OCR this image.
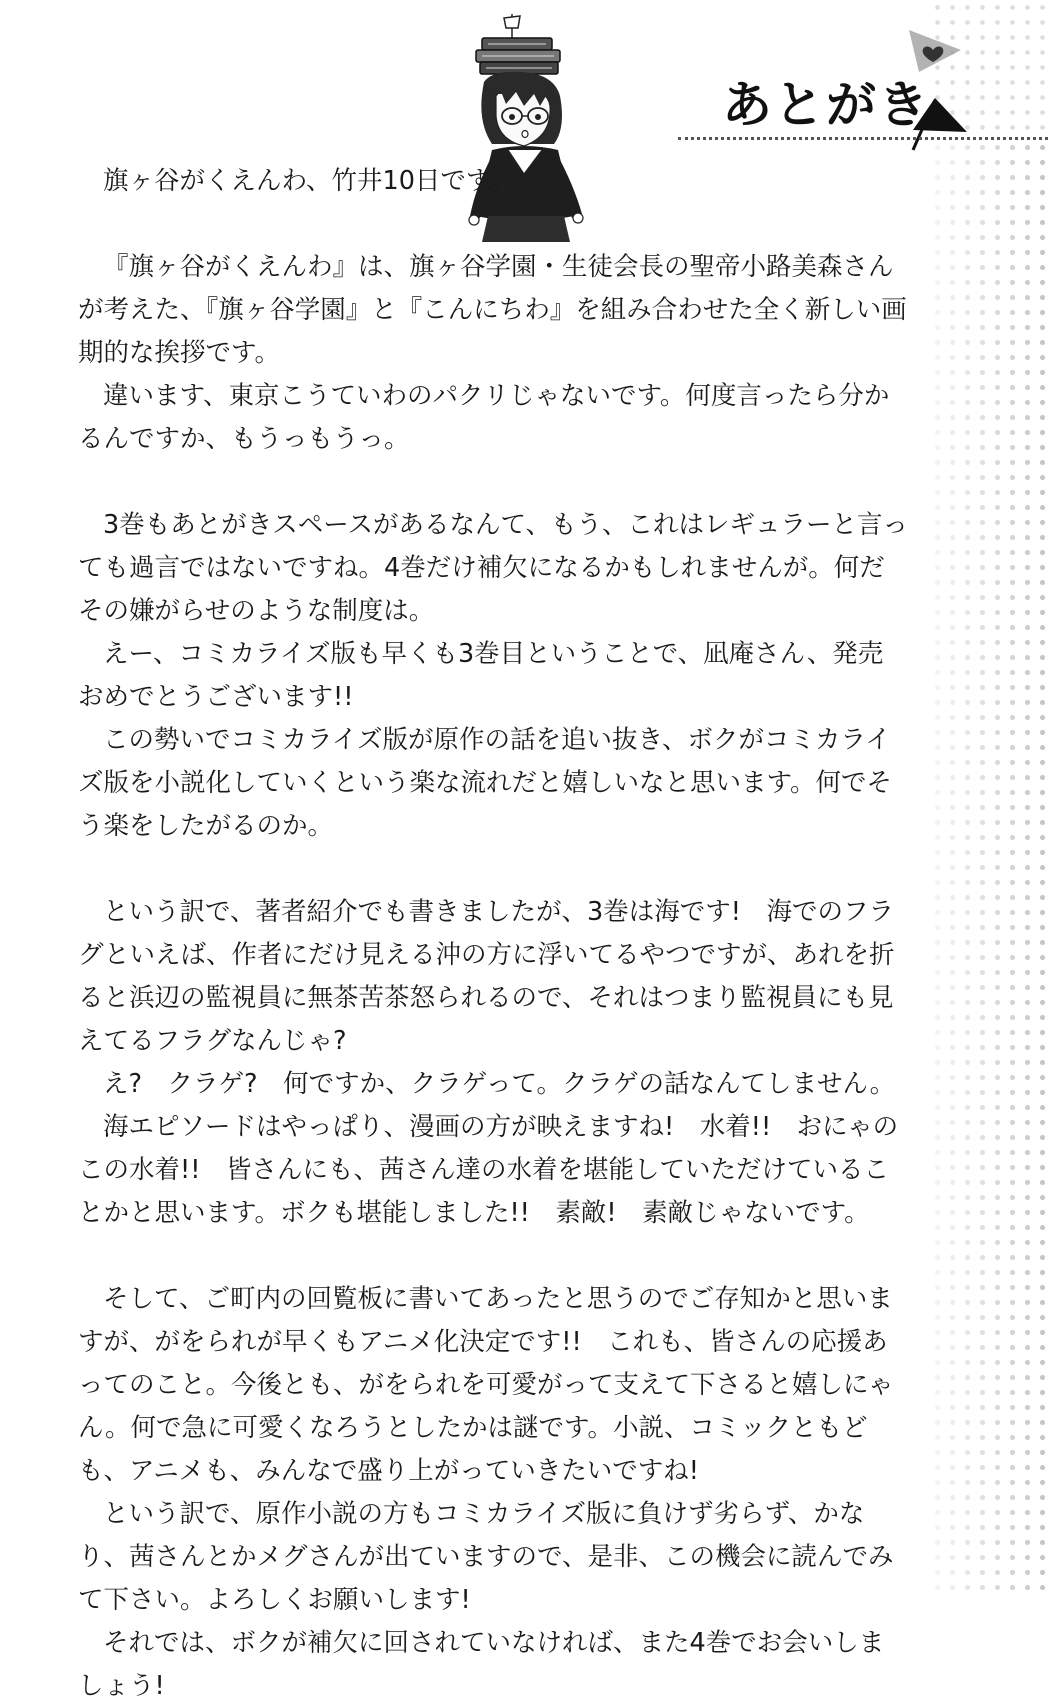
あとがき

旗ヶ谷がくえんわ、竹井10日です。

『旗ヶ谷がくえんわ』は、旗ヶ谷学園・生徒会長の聖帝小路美森さんが考えた、『旗ヶ谷学園』と『こんにちわ』を組み合わせた全く新しい画期的な挨拶です。

違います、東京こうていわのパクリじゃないです。何度言ったら分かるんですか、もうっもうっ。

3巻もあとがきスペースがあるなんて、もう、これはレギュラーと言っても過言ではないですね。4巻だけ補欠になるかもしれませんが。何だその嫌がらせのような制度は。

えー、コミカライズ版も早くも3巻目ということで、凪庵さん、発売おめでとうございます!!

この勢いでコミカライズ版が原作の話を追い抜き、ボクがコミカライズ版を小説化していくという楽な流れだと嬉しいなと思います。何でそう楽をしたがるのか。

という訳で、著者紹介でも書きましたが、3巻は海です!　海でのフラグといえば、作者にだけ見える沖の方に浮いてるやつですが、あれを折ると浜辺の監視員に無茶苦茶怒られるので、それはつまり監視員にも見えてるフラグなんじゃ?

え?　クラゲ?　何ですか、クラゲって。クラゲの話なんてしません。

海エピソードはやっぱり、漫画の方が映えますね!　水着!!　おにゃのこの水着!!　皆さんにも、茜さん達の水着を堪能していただけていることかと思います。ボクも堪能しました!!　素敵!　素敵じゃないです。

そして、ご町内の回覧板に書いてあったと思うのでご存知かと思いますが、がをられが早くもアニメ化決定です!!　これも、皆さんの応援あってのこと。今後とも、がをられを可愛がって支えて下さると嬉しにゃん。何で急に可愛くなろうとしたかは謎です。小説、コミックともども、アニメも、みんなで盛り上がっていきたいですね!

という訳で、原作小説の方もコミカライズ版に負けず劣らず、かなり、茜さんとかメグさんが出ていますので、是非、この機会に読んでみて下さい。よろしくお願いします!

それでは、ボクが補欠に回されていなければ、また4巻でお会いしましょう!
